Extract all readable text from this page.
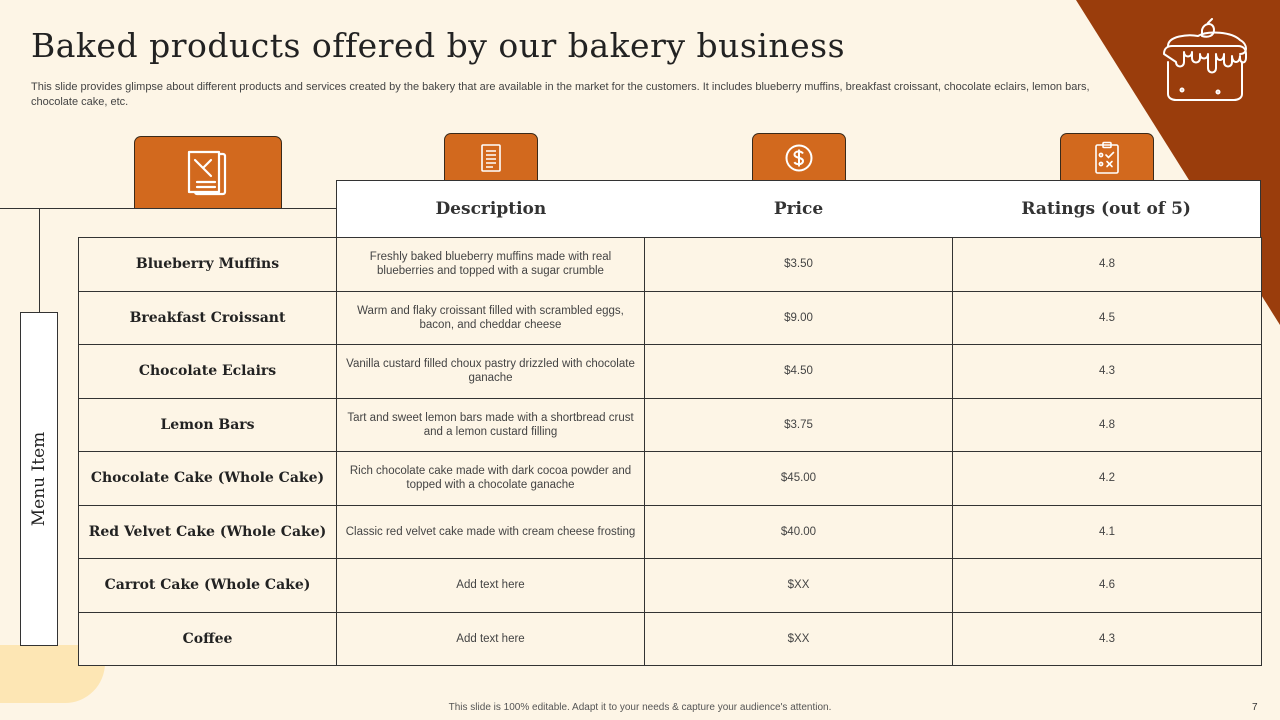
Baked products offered by our bakery business

This slide provides glimpse about different products and services created by the bakery that are available in the market for the customers. It includes blueberry muffins, breakfast croissant, chocolate eclairs, lemon bars, chocolate cake, etc.

Menu Item
Description	Price	Ratings (out of 5)
Blueberry Muffins	Freshly baked blueberry muffins made with real blueberries and topped with a sugar crumble	$3.50	4.8
Breakfast Croissant	Warm and flaky croissant filled with scrambled eggs, bacon, and cheddar cheese	$9.00	4.5
Chocolate Eclairs	Vanilla custard filled choux pastry drizzled with chocolate ganache	$4.50	4.3
Lemon Bars	Tart and sweet lemon bars made with a shortbread crust and a lemon custard filling	$3.75	4.8
Chocolate Cake (Whole Cake)	Rich chocolate cake made with dark cocoa powder and topped with a chocolate ganache	$45.00	4.2
Red Velvet Cake (Whole Cake)	Classic red velvet cake made with cream cheese frosting	$40.00	4.1
Carrot Cake (Whole Cake)	Add text here	$XX	4.6
Coffee	Add text here	$XX	4.3
This slide is 100% editable. Adapt it to your needs & capture your audience's attention.	7
